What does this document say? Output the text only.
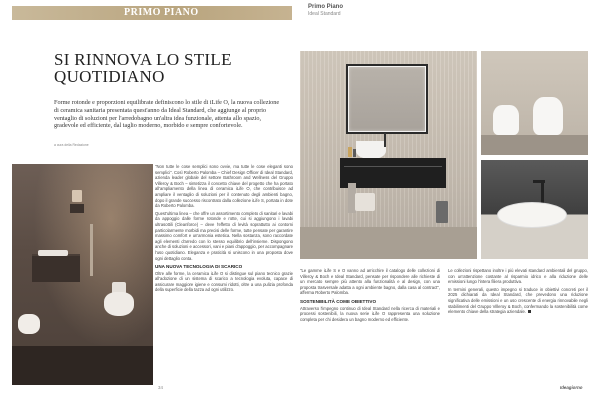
PRIMO PIANO	Primo Piano
Ideal Standard
SI RINNOVA LO STILE QUOTIDIANO
Forme rotonde e proporzioni equilibrate definiscono lo stile di iLife O, la nuova collezione di ceramica sanitaria presentata quest'anno da Ideal Standard, che aggiunge al proprio ventaglio di soluzioni per l'arredobagno un'altra idea funzionale, attenta allo spazio, gradevole ed efficiente, dal taglio moderno, morbido e sempre confortevole.
a cura della Redazione

"Non tutte le cose semplici sono ovvie, ma tutte le cose eleganti sono semplici". Così Roberto Palomba – Chief Design Officer di Ideal Standard, azienda leader globale del settore Bathroom and Wellness del Gruppo Villeroy & Boch – sintetizza il concetto chiave del progetto che ha portato all'ampliamento della linea di ceramica iLife O, che contribuisce ad ampliare il ventaglio di soluzioni per il contenuto degli ambienti bagno, dopo il grande successo riscontrato dalla collezione iLife S, portata in dote da Roberto Palomba.

Quest'ultima linea – che offre un assortimento completo di sanitari e lavabi da appoggio dalle forme rotonde e rotte, cui si aggiungono i lavabi ultrasottili (Cleanforce) – deve l'effetto di levità soprattutto ai contorni particolarmente morbidi ma precisi delle forme, tutte pensate per garantire massimo comfort e un'armonia estetica. Nella sostanza, sono raccordate agli elementi d'arredo con lo stesso equilibrio dell'insieme. Dispongono anche di soluzioni e accessori, vani e piani d'appoggio, per accompagnare l'uso quotidiano. Eleganza e praticità si uniscono in una proposta dove ogni dettaglio conta.

UNA NUOVA TECNOLOGIA DI SCARICO

Oltre alle forme, la ceramica iLife O si distingue sul piano tecnico grazie all'adozione di un sistema di scarico a tecnologia evoluta, capace di assicurare maggiore igiene e consumi ridotti, oltre a una pulizia profonda della superficie della tazza ad ogni utilizzo.

34

"Le gamme iLife S e O vanno ad arricchire il catalogo delle collezioni di Villeroy & Boch e Ideal Standard, pensate per rispondere alle richieste di un mercato sempre più attento alla funzionalità e al design, con una proposta trasversale adatta a ogni ambiente bagno, dalla casa al contract", afferma Roberto Palomba.

SOSTENIBILITÀ COME OBIETTIVO

Attraverso l'impegno continuo di Ideal Standard nella ricerca di materiali e processi sostenibili, la nuova serie iLife O rappresenta una soluzione completa per chi desidera un bagno moderno ed efficiente.

Le collezioni rispettano inoltre i più elevati standard ambientali del gruppo, con un'attenzione costante al risparmio idrico e alla riduzione delle emissioni lungo l'intera filiera produttiva.

In termini generali, questo impegno si traduce in obiettivi concreti per il 2025 dichiarati da Ideal Standard, che prevedono una riduzione significativa delle emissioni e un uso crescente di energia rinnovabile negli stabilimenti del Gruppo Villeroy & Boch, confermando la sostenibilità come elemento chiave della strategia aziendale.

Ideagiorno
